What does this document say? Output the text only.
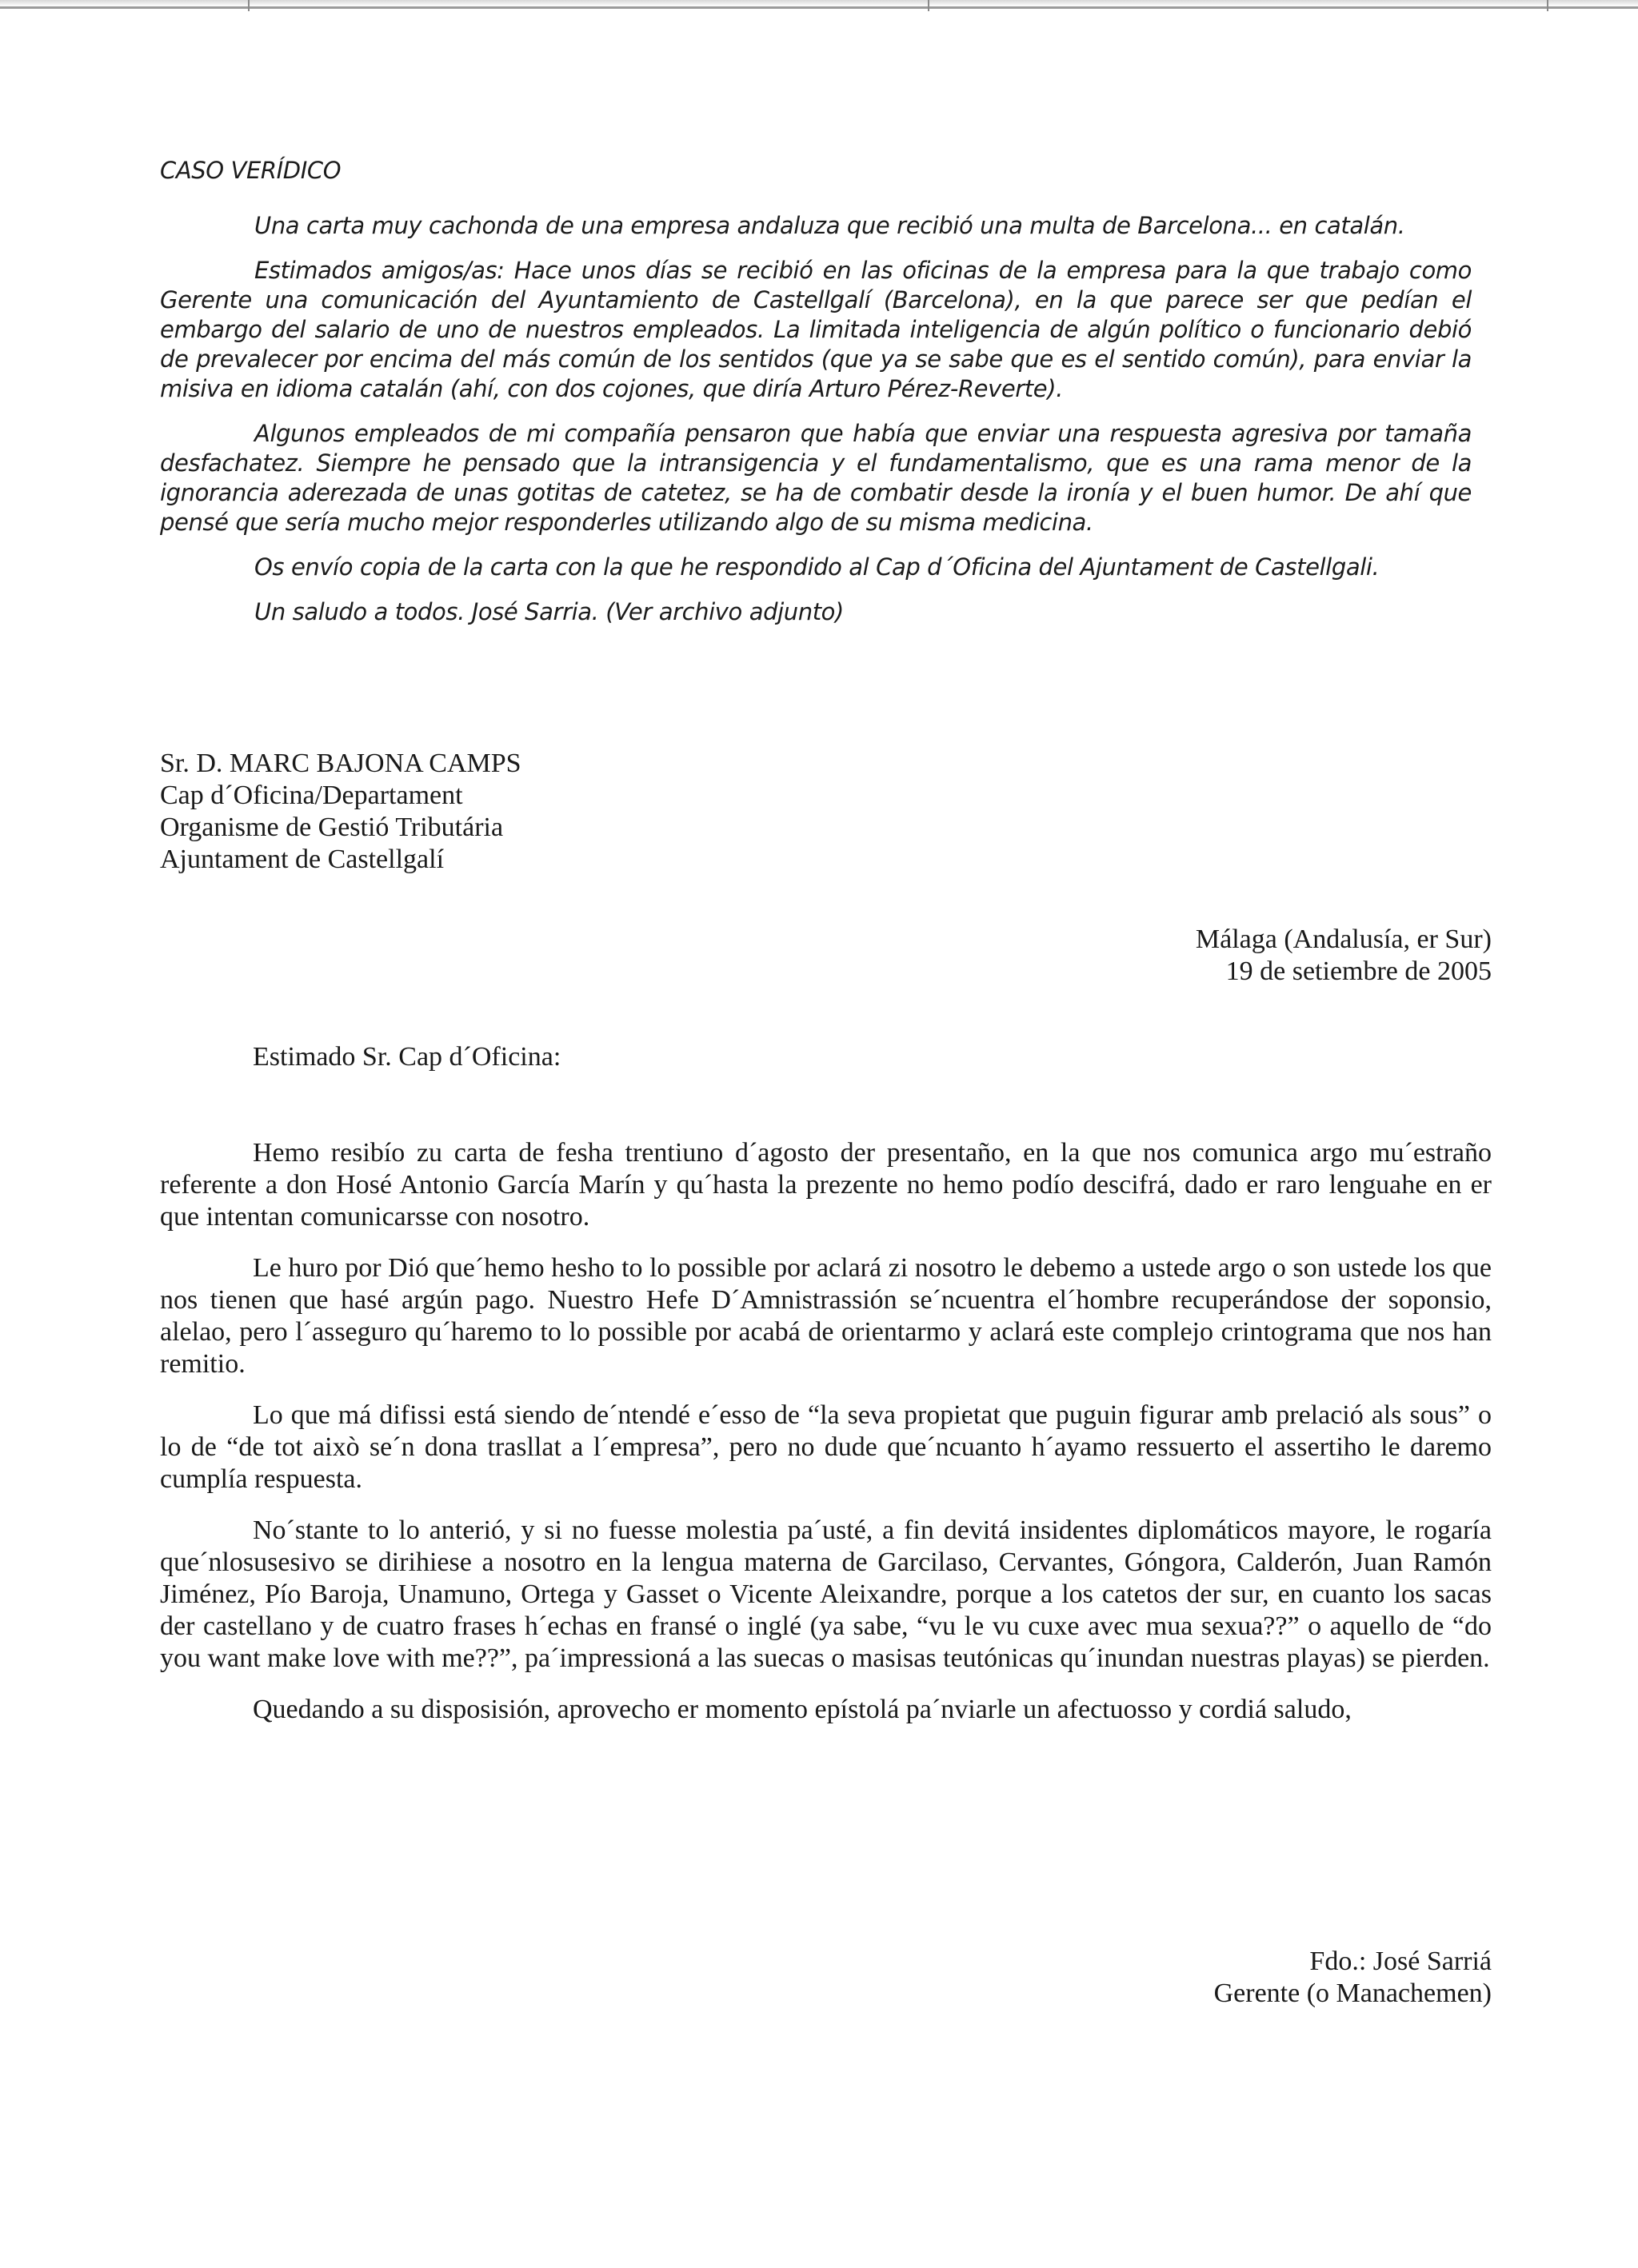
CASO VERÍDICO

Una carta muy cachonda de una empresa andaluza que recibió una multa de Barcelona... en catalán.

Estimados amigos/as: Hace unos días se recibió en las oficinas de la empresa para la que trabajo como Gerente una comunicación del Ayuntamiento de Castellgalí (Barcelona), en la que parece ser que pedían el embargo del salario de uno de nuestros empleados. La limitada inteligencia de algún político o funcionario debió de prevalecer por encima del más común de los sentidos (que ya se sabe que es el sentido común), para enviar la misiva en idioma catalán (ahí, con dos cojones, que diría Arturo Pérez-Reverte).

Algunos empleados de mi compañía pensaron que había que enviar una respuesta agresiva por tamaña desfachatez. Siempre he pensado que la intransigencia y el fundamentalismo, que es una rama menor de la ignorancia aderezada de unas gotitas de catetez, se ha de combatir desde la ironía y el buen humor. De ahí que pensé que sería mucho mejor responderles utilizando algo de su misma medicina.

Os envío copia de la carta con la que he respondido al Cap d´Oficina del Ajuntament de Castellgali.

Un saludo a todos. José Sarria. (Ver archivo adjunto)

Sr. D. MARC BAJONA CAMPS
Cap d´Oficina/Departament
Organisme de Gestió Tributária
Ajuntament de Castellgalí
Málaga (Andalusía, er Sur)
19 de setiembre de 2005
Estimado Sr. Cap d´Oficina:

Hemo resibío zu carta de fesha trentiuno d´agosto der presentaño, en la que nos comunica argo mu´estraño referente a don Hosé Antonio García Marín y qu´hasta la prezente no hemo podío descifrá, dado er raro lenguahe en er que intentan comunicarsse con nosotro.

Le huro por Dió que´hemo hesho to lo possible por aclará zi nosotro le debemo a ustede argo o son ustede los que nos tienen que hasé argún pago. Nuestro Hefe D´Amnistrassión se´ncuentra el´hombre recuperándose der soponsio, alelao, pero l´asseguro qu´haremo to lo possible por acabá de orientarmo y aclará este complejo crintograma que nos han remitio.

Lo que má difissi está siendo de´ntendé e´esso de “la seva propietat que puguin figurar amb prelació als sous” o lo de “de tot això se´n dona trasllat a l´empresa”, pero no dude que´ncuanto h´ayamo ressuerto el assertiho le daremo cumplía respuesta.

No´stante to lo anterió, y si no fuesse molestia pa´usté, a fin devitá insidentes diplomáticos mayore, le rogaría que´nlosusesivo se dirihiese a nosotro en la lengua materna de Garcilaso, Cervantes, Góngora, Calderón, Juan Ramón Jiménez, Pío Baroja, Unamuno, Ortega y Gasset o Vicente Aleixandre, porque a los catetos der sur, en cuanto los sacas der castellano y de cuatro frases h´echas en fransé o inglé (ya sabe, “vu le vu cuxe avec mua sexua??” o aquello de “do you want make love with me??”, pa´impressioná a las suecas o masisas teutónicas qu´inundan nuestras playas) se pierden.

Quedando a su disposisión, aprovecho er momento epístolá pa´nviarle un afectuosso y cordiá saludo,

Fdo.: José Sarriá
Gerente (o Manachemen)
